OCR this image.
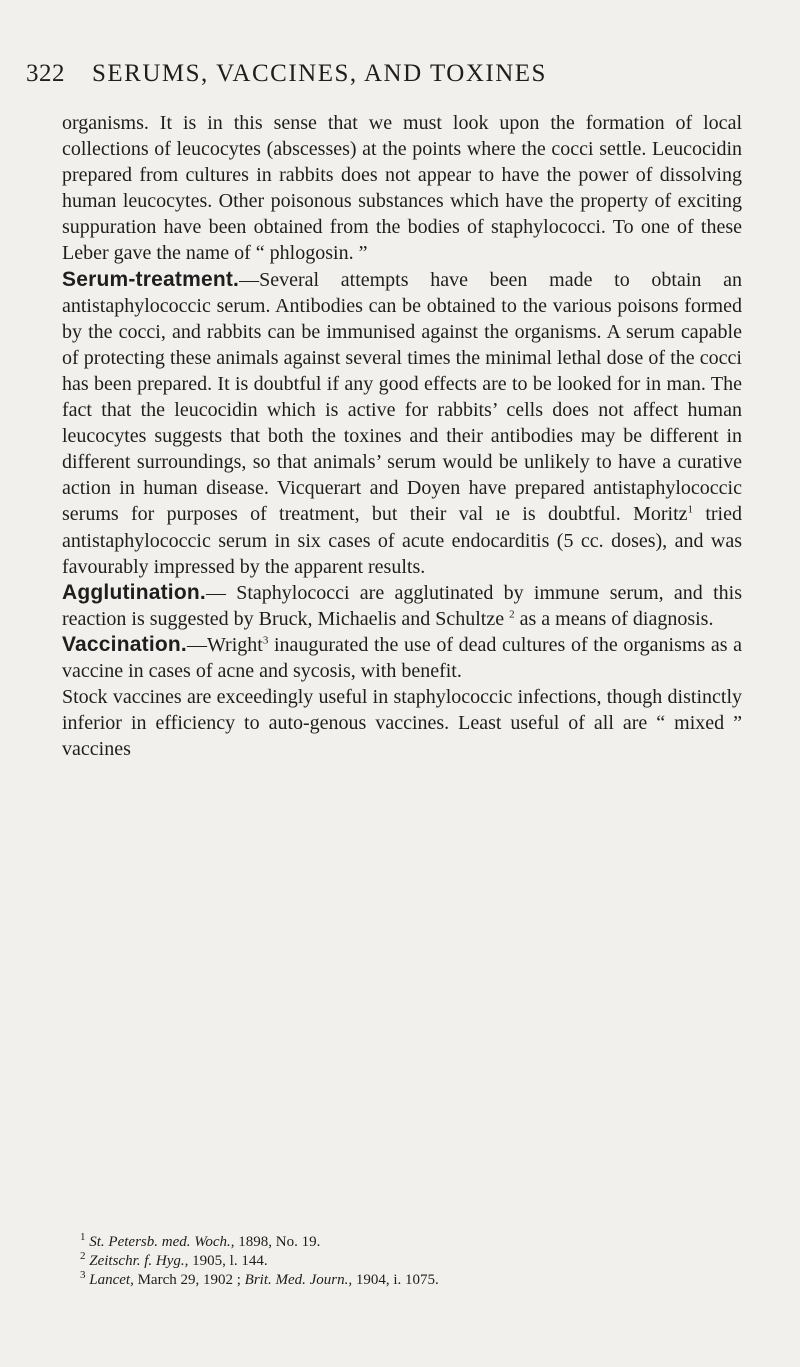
322 SERUMS, VACCINES, AND TOXINES

organisms. It is in this sense that we must look upon the formation of local collections of leucocytes (abscesses) at the points where the cocci settle. Leucocidin prepared from cultures in rabbits does not appear to have the power of dissolving human leucocytes. Other poisonous substances which have the property of exciting suppuration have been obtained from the bodies of staphylococci. To one of these Leber gave the name of “ phlogosin. ”

Serum-treatment.—Several attempts have been made to obtain an antistaphylococcic serum. Antibodies can be obtained to the various poisons formed by the cocci, and rabbits can be immunised against the organisms. A serum capable of protecting these animals against several times the minimal lethal dose of the cocci has been prepared. It is doubtful if any good effects are to be looked for in man. The fact that the leucocidin which is active for rabbits’ cells does not affect human leucocytes suggests that both the toxines and their antibodies may be different in different surroundings, so that animals’ serum would be unlikely to have a curative action in human disease. Vicquerart and Doyen have prepared antistaphylococcic serums for purposes of treatment, but their val ıe is doubtful. Moritz$^1$ tried antistaphylococcic serum in six cases of acute endocarditis (5 cc. doses), and was favourably impressed by the apparent results.

Agglutination.— Staphylococci are agglutinated by immune serum, and this reaction is suggested by Bruck, Michaelis and Schultze $^2$ as a means of diagnosis.

Vaccination.—Wright$^3$ inaugurated the use of dead cultures of the organisms as a vaccine in cases of acne and sycosis, with benefit.

Stock vaccines are exceedingly useful in staphylococcic infections, though distinctly inferior in efficiency to auto-genous vaccines. Least useful of all are “ mixed ” vaccines

$^1$ St. Petersb. med. Woch., 1898, No. 19.
$^2$ Zeitschr. f. Hyg., 1905, l. 144.
$^3$ Lancet, March 29, 1902 ; Brit. Med. Journ., 1904, i. 1075.
